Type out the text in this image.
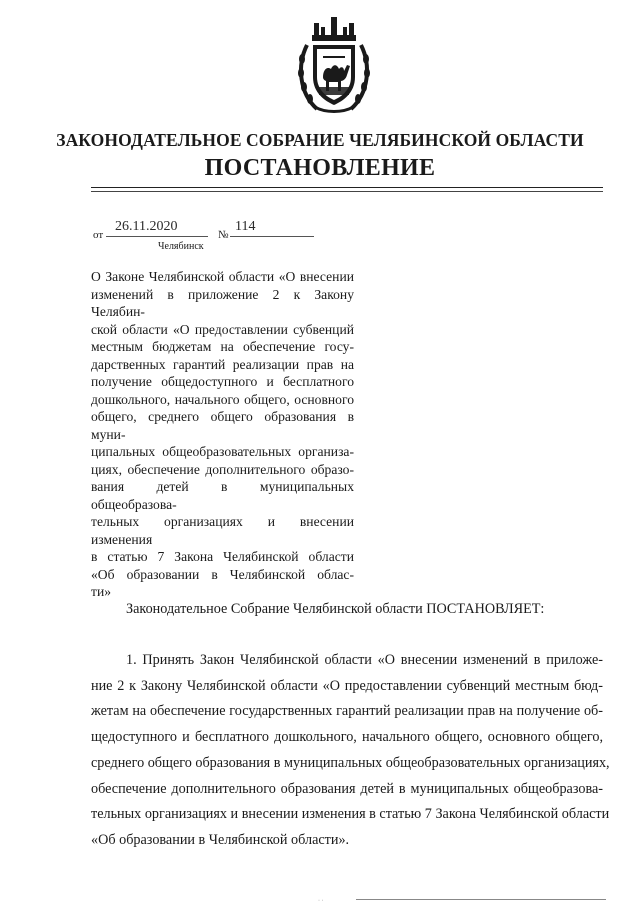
ЗАКОНОДАТЕЛЬНОЕ СОБРАНИЕ ЧЕЛЯБИНСКОЙ ОБЛАСТИ
ПОСТАНОВЛЕНИЕ
от
26.11.2020
№
114
Челябинск
О Законе Челябинской области «О внесении
изменений в приложение 2 к Закону Челябин-
ской области «О предоставлении субвенций
местным бюджетам на обеспечение госу-
дарственных гарантий реализации прав на
получение общедоступного и бесплатного
дошкольного, начального общего, основного
общего, среднего общего образования в муни-
ципальных общеобразовательных организа-
циях, обеспечение дополнительного образо-
вания детей в муниципальных общеобразова-
тельных организациях и внесении изменения
в статью 7 Закона Челябинской области
«Об образовании в Челябинской облас-
ти»
Законодательное Собрание Челябинской области ПОСТАНОВЛЯЕТ:
1. Принять Закон Челябинской области «О внесении изменений в приложе-
ние 2 к Закону Челябинской области «О предоставлении субвенций местным бюд-
жетам на обеспечение государственных гарантий реализации прав на получение об-
щедоступного и бесплатного дошкольного, начального общего, основного общего,
среднего общего образования в муниципальных общеобразовательных организациях,
обеспечение дополнительного образования детей в муниципальных общеобразова-
тельных организациях и внесении изменения в статью 7 Закона Челябинской области
«Об образовании в Челябинской области».
· ·
